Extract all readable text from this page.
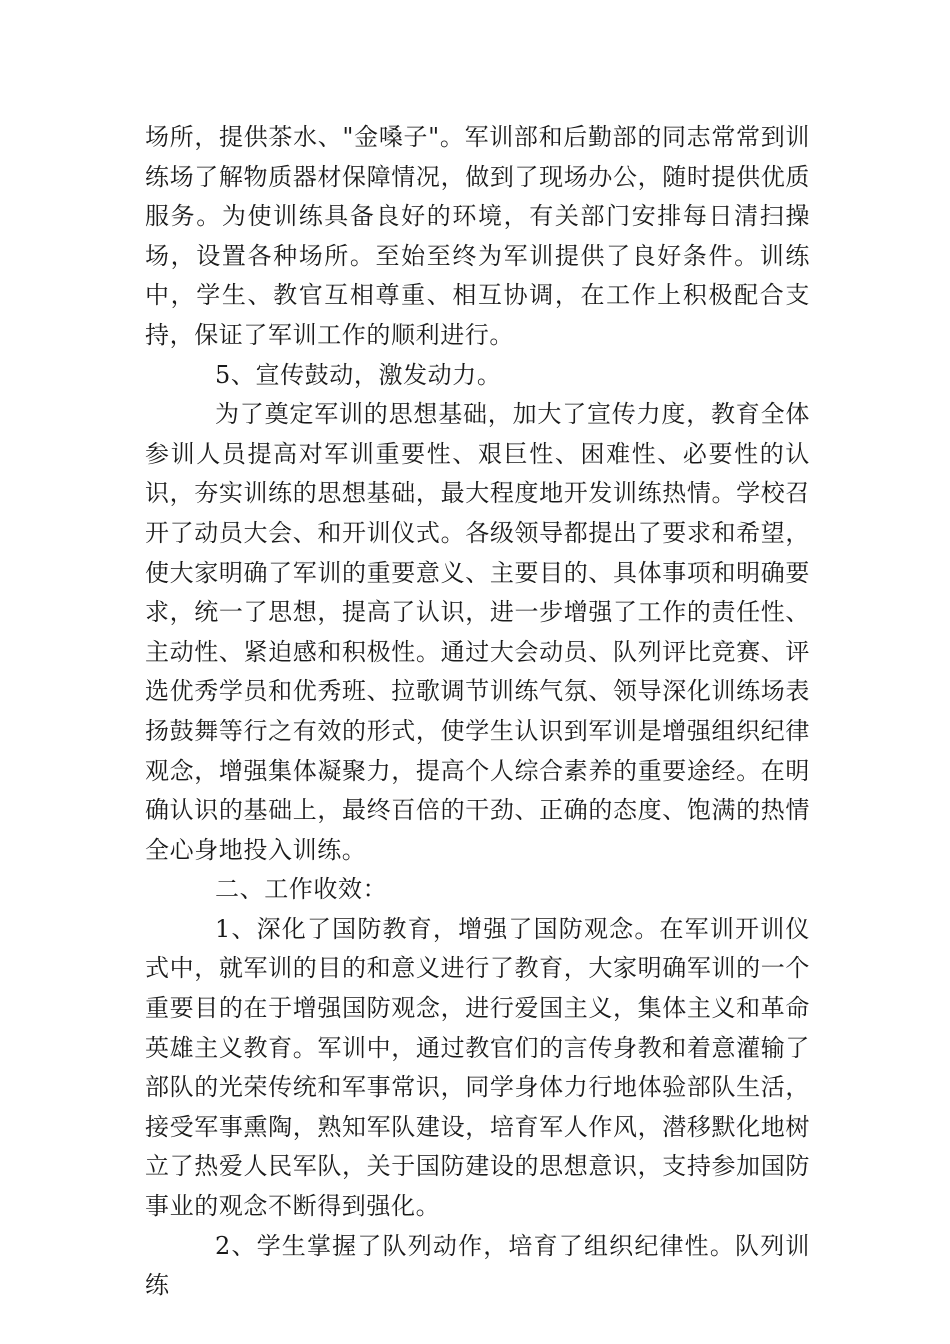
场所，提供茶水、"金嗓子"。军训部和后勤部的同志常常到训练场了解物质器材保障情况，做到了现场办公，随时提供优质服务。为使训练具备良好的环境，有关部门安排每日清扫操场，设置各种场所。至始至终为军训提供了良好条件。训练中，学生、教官互相尊重、相互协调，在工作上积极配合支持，保证了军训工作的顺利进行。

5、宣传鼓动，激发动力。

为了奠定军训的思想基础，加大了宣传力度，教育全体参训人员提高对军训重要性、艰巨性、困难性、必要性的认识，夯实训练的思想基础，最大程度地开发训练热情。学校召开了动员大会、和开训仪式。各级领导都提出了要求和希望，使大家明确了军训的重要意义、主要目的、具体事项和明确要求，统一了思想，提高了认识，进一步增强了工作的责任性、主动性、紧迫感和积极性。通过大会动员、队列评比竞赛、评选优秀学员和优秀班、拉歌调节训练气氛、领导深化训练场表扬鼓舞等行之有效的形式，使学生认识到军训是增强组织纪律观念，增强集体凝聚力，提高个人综合素养的重要途经。在明确认识的基础上，最终百倍的干劲、正确的态度、饱满的热情全心身地投入训练。

二、工作收效：

1、深化了国防教育，增强了国防观念。在军训开训仪式中，就军训的目的和意义进行了教育，大家明确军训的一个重要目的在于增强国防观念，进行爱国主义，集体主义和革命英雄主义教育。军训中，通过教官们的言传身教和着意灌输了部队的光荣传统和军事常识，同学身体力行地体验部队生活，接受军事熏陶，熟知军队建设，培育军人作风，潜移默化地树立了热爱人民军队，关于国防建设的思想意识，支持参加国防事业的观念不断得到强化。

2、学生掌握了队列动作，培育了组织纪律性。队列训练
